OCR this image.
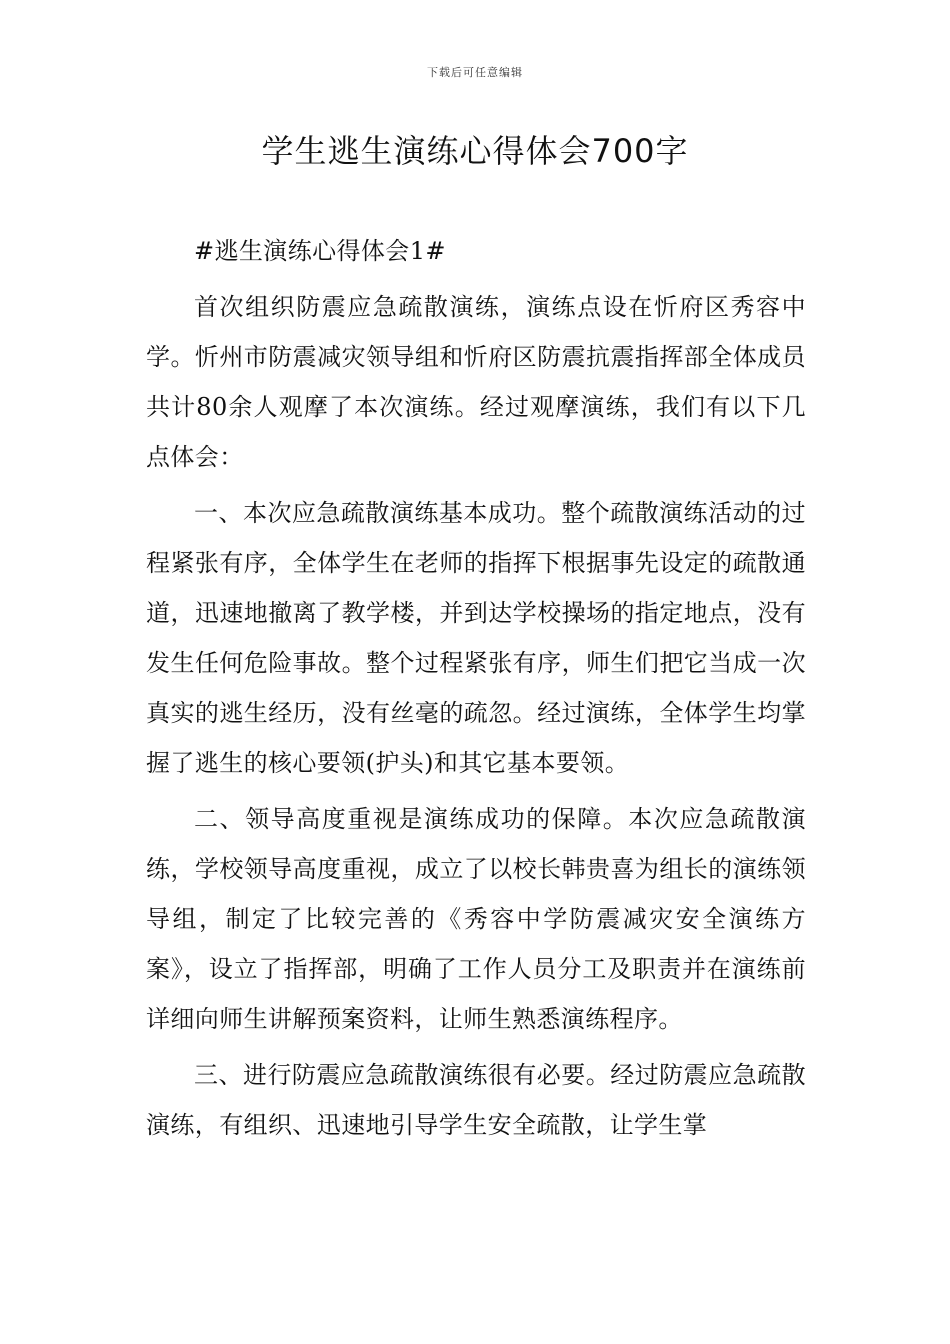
下载后可任意编辑
学生逃生演练心得体会700字

#逃生演练心得体会1#

首次组织防震应急疏散演练，演练点设在忻府区秀容中学。忻州市防震减灾领导组和忻府区防震抗震指挥部全体成员共计80余人观摩了本次演练。经过观摩演练，我们有以下几点体会：

一、本次应急疏散演练基本成功。整个疏散演练活动的过程紧张有序，全体学生在老师的指挥下根据事先设定的疏散通道，迅速地撤离了教学楼，并到达学校操场的指定地点，没有发生任何危险事故。整个过程紧张有序，师生们把它当成一次真实的逃生经历，没有丝毫的疏忽。经过演练，全体学生均掌握了逃生的核心要领(护头)和其它基本要领。

二、领导高度重视是演练成功的保障。本次应急疏散演练，学校领导高度重视，成立了以校长韩贵喜为组长的演练领导组，制定了比较完善的《秀容中学防震减灾安全演练方案》，设立了指挥部，明确了工作人员分工及职责并在演练前详细向师生讲解预案资料，让师生熟悉演练程序。

三、进行防震应急疏散演练很有必要。经过防震应急疏散演练，有组织、迅速地引导学生安全疏散，让学生掌
